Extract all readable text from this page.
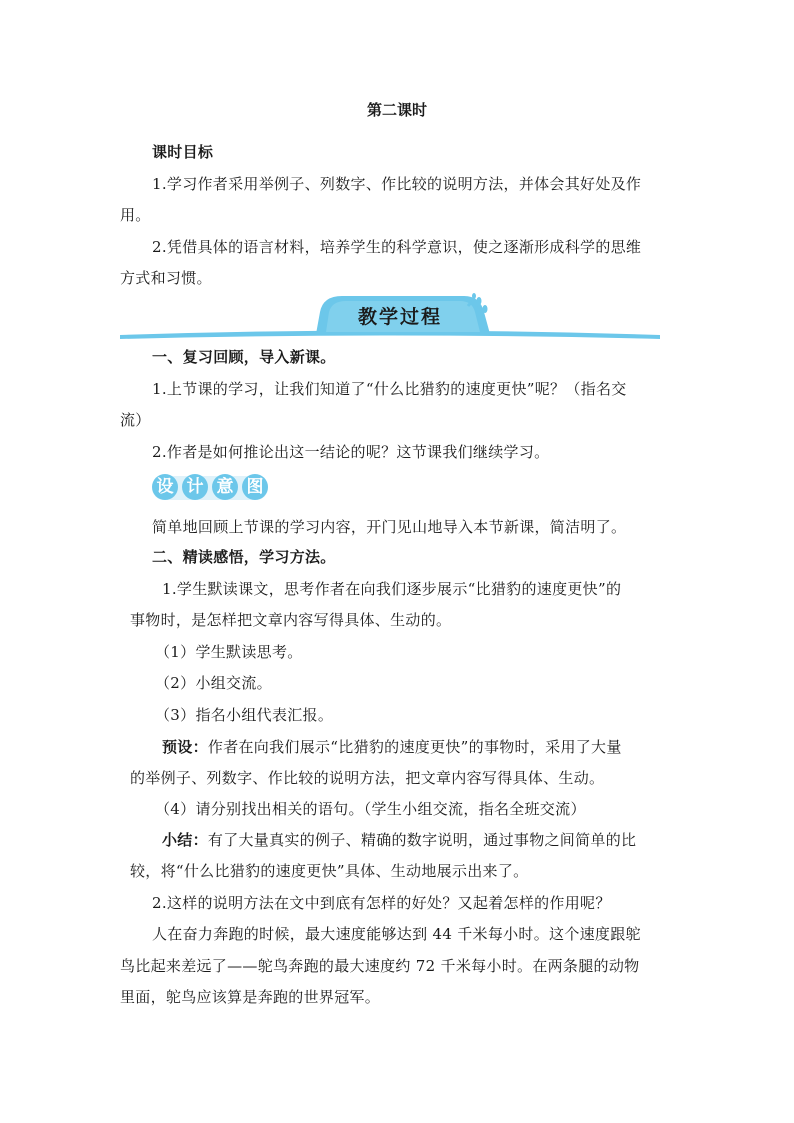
第二课时
课时目标
1.学习作者采用举例子、列数字、作比较的说明方法，并体会其好处及作
用。
2.凭借具体的语言材料，培养学生的科学意识，使之逐渐形成科学的思维
方式和习惯。
教学过程
一、复习回顾，导入新课。
1.上节课的学习，让我们知道了“什么比猎豹的速度更快”呢？（指名交
流）
2.作者是如何推论出这一结论的呢？这节课我们继续学习。
设 计 意 图
简单地回顾上节课的学习内容，开门见山地导入本节新课，简洁明了。
二、精读感悟，学习方法。
1.学生默读课文，思考作者在向我们逐步展示“比猎豹的速度更快”的
事物时，是怎样把文章内容写得具体、生动的。
（1）学生默读思考。
（2）小组交流。
（3）指名小组代表汇报。
预设：作者在向我们展示“比猎豹的速度更快”的事物时，采用了大量
的举例子、列数字、作比较的说明方法，把文章内容写得具体、生动。
（4）请分别找出相关的语句。（学生小组交流，指名全班交流）
小结：有了大量真实的例子、精确的数字说明，通过事物之间简单的比
较，将“什么比猎豹的速度更快”具体、生动地展示出来了。
2.这样的说明方法在文中到底有怎样的好处？又起着怎样的作用呢？
人在奋力奔跑的时候，最大速度能够达到 44 千米每小时。这个速度跟鸵
鸟比起来差远了——鸵鸟奔跑的最大速度约 72 千米每小时。在两条腿的动物
里面，鸵鸟应该算是奔跑的世界冠军。
